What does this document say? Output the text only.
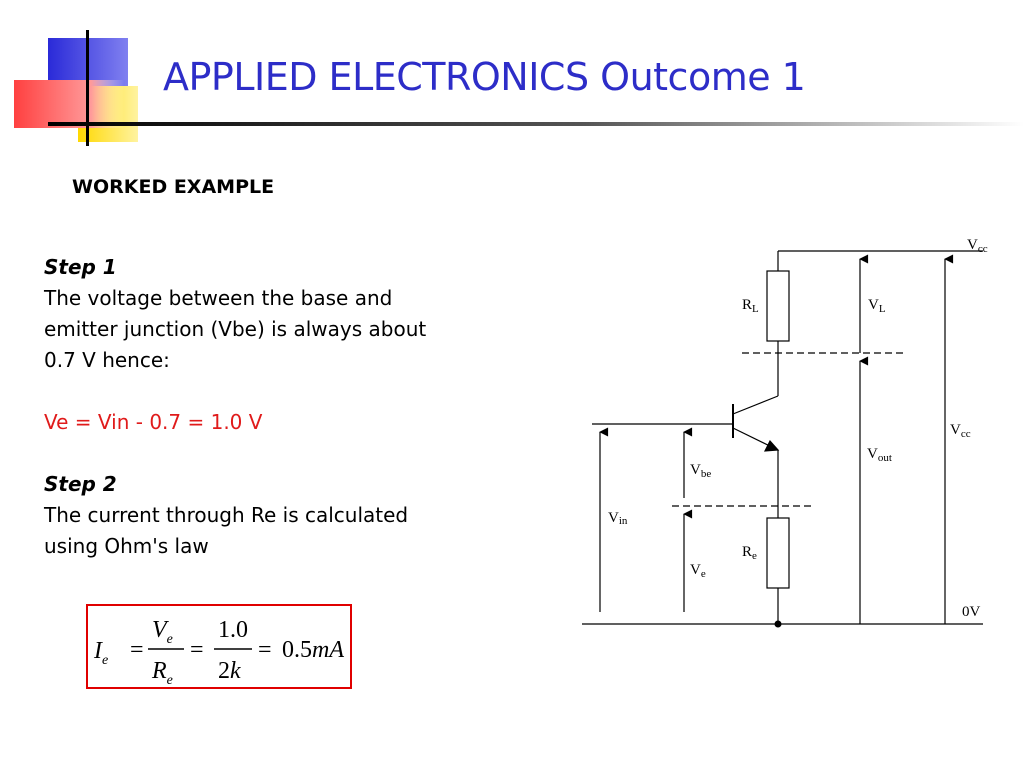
APPLIED ELECTRONICS Outcome 1
WORKED EXAMPLE
Step 1
The voltage between the base and
emitter junction (Vbe) is always about
0.7 V hence:
Ve = Vin - 0.7 = 1.0 V
Step 2
The current through Re is calculated
using Ohm's law
$I_e$ =
$V_e$
$R_e$
=
1.0
2k
= 0.5mA
$V_{cc}$
$R_L$	$V_L$
$V_{cc}$
$V_{out}$
$V_{be}$
Vin
$R_e$
$V_e$
0V
